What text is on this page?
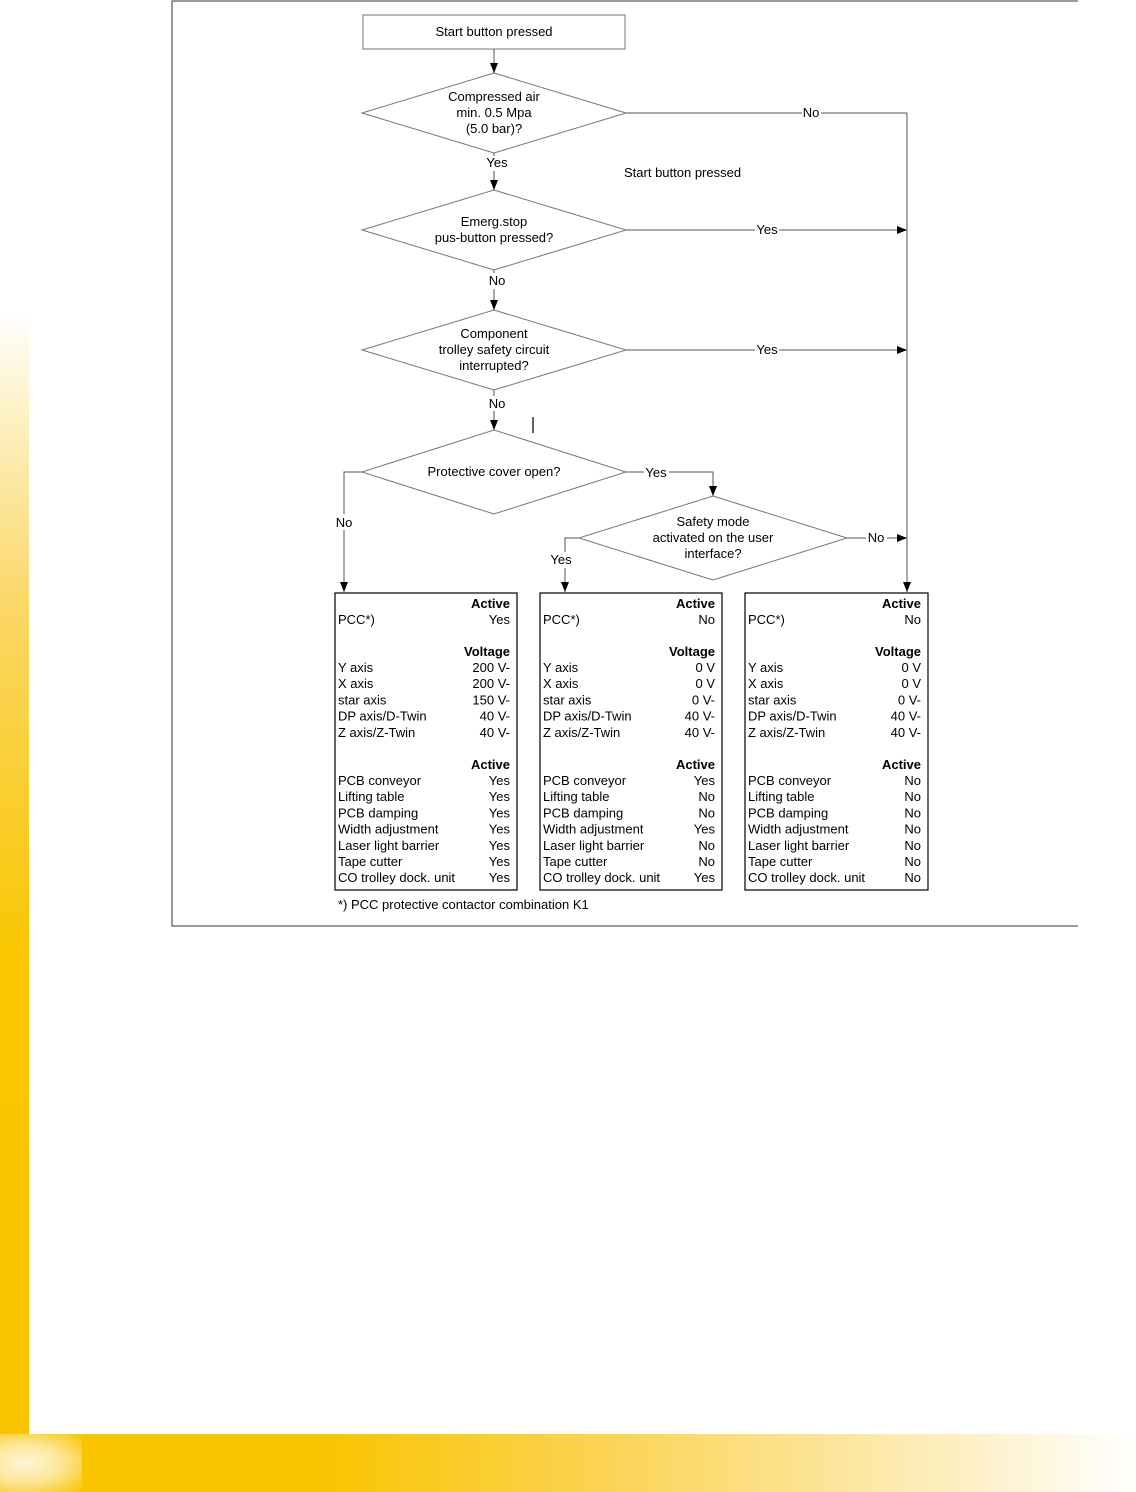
Start button pressed
Start button pressed
Compressed air
min. 0.5 Mpa
(5.0 bar)?
Emerg.stop
pus-button pressed?
Component
trolley safety circuit
interrupted?
Protective cover open?
Safety mode
activated on the user
interface?
No
Yes
Yes
No
Yes
No
Yes
No
Yes
No
Active
PCC*)	Yes
Voltage
Y axis	200 V-
X axis	200 V-
star axis	150 V-
DP axis/D-Twin	40 V-
Z axis/Z-Twin	40 V-
Active
PCB conveyor	Yes
Lifting table	Yes
PCB damping	Yes
Width adjustment	Yes
Laser light barrier	Yes
Tape cutter	Yes
CO trolley dock. unit	Yes
Active
PCC*)	No
Voltage
Y axis	0 V
X axis	0 V
star axis	0 V-
DP axis/D-Twin	40 V-
Z axis/Z-Twin	40 V-
Active
PCB conveyor	Yes
Lifting table	No
PCB damping	No
Width adjustment	Yes
Laser light barrier	No
Tape cutter	No
CO trolley dock. unit	Yes
Active
PCC*)	No
Voltage
Y axis	0 V
X axis	0 V
star axis	0 V-
DP axis/D-Twin	40 V-
Z axis/Z-Twin	40 V-
Active
PCB conveyor	No
Lifting table	No
PCB damping	No
Width adjustment	No
Laser light barrier	No
Tape cutter	No
CO trolley dock. unit	No
*) PCC protective contactor combination K1
